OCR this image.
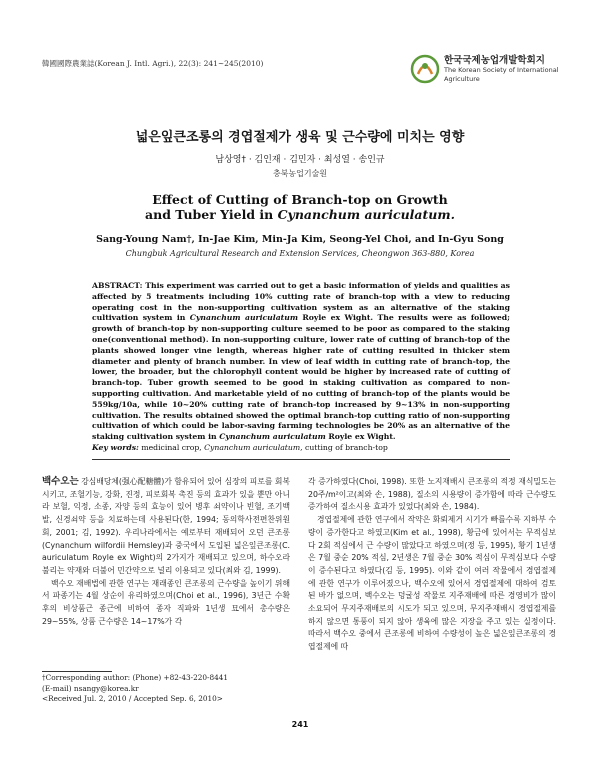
韓國國際農業誌(Korean J. Intl. Agri.), 22(3): 241~245(2010)	한국국제농업개발학회지
The Korean Society of International
Agriculture
넓은잎큰조롱의 경엽절제가 생육 및 근수량에 미치는 영향
남상영† · 김인재 · 김민자 · 최성열 · 송인규
충북농업기술원
Effect of Cutting of Branch-top on Growth
and Tuber Yield in Cynanchum auriculatum.
Sang-Young Nam†, In-Jae Kim, Min-Ja Kim, Seong-Yel Choi, and In-Gyu Song
Chungbuk Agricultural Research and Extension Services, Cheongwon 363-880, Korea
ABSTRACT: This experiment was carried out to get a basic information of yields and qualities as affected by 5 treatments including 10% cutting rate of branch-top with a view to reducing operating cost in the non-supporting cultivation system as an alternative of the staking cultivation system in Cynanchum auriculatum Royle ex Wight. The results were as followed; growth of branch-top by non-supporting culture seemed to be poor as compared to the staking one(conventional method). In non-supporting culture, lower rate of cutting of branch-top of the plants showed longer vine length, whereas higher rate of cutting resulted in thicker stem diameter and plenty of branch number. In view of leaf width in cutting rate of branch-top, the lower, the broader, but the chlorophyll content would be higher by increased rate of cutting of branch-top. Tuber growth seemed to be good in staking cultivation as compared to non-supporting cultivation. And marketable yield of no cutting of branch-top of the plants would be 559kg/10a, while 10~20% cutting rate of branch-top increased by 9~13% in non-supporting cultivation. The results obtained showed the optimal branch-top cutting ratio of non-supporting cultivation of which could be labor-saving farming technologies be 20% as an alternative of the staking cultivation system in Cynanchum auriculatum Royle ex Wight.
Key words: medicinal crop, Cynanchum auriculatum, cutting of branch-top

백수오는 강심배당체(强心配糖體)가 함유되어 있어 심장의 피로를 회복시키고, 조혈기능, 강화, 진정, 피로회복 촉진 등의 효과가 있을 뿐만 아니라 보혈, 익정, 소종, 자양 등의 효능이 있어 병후 쇠약이나 빈혈, 조기백발, 신경쇠약 등을 치료하는데 사용된다(한, 1994; 동의학사전편찬위원회, 2001; 김, 1992). 우리나라에서는 예로부터 재배되어 오던 큰조롱(Cynanchum wilfordii Hemsley)과 중국에서 도입된 넓은잎큰조롱(C. auriculatum Royle ex Wight)의 2가지가 재배되고 있으며, 하수오라 불리는 약재와 더불어 민간약으로 널리 이용되고 있다(최와 김, 1999).

백수오 재배법에 관한 연구는 재래종인 큰조롱의 근수량을 높이기 위해서 파종기는 4월 상순이 유리하였으며(Choi et al., 1996), 3년근 수확후의 비상품근 종근에 비하여 종자 직파와 1년생 묘에서 총수량은 29~55%, 상품 근수량은 14~17%가 각

각 증가하였다(Choi, 1998). 또한 노지재배시 큰조롱의 적정 재식밀도는 20주/m²이고(최와 손, 1988), 질소의 시용량이 증가함에 따라 근수량도 증가하여 질소시용 효과가 있었다(최와 손, 1984).

경엽절제에 관한 연구에서 작약은 화뢰제거 시기가 빠를수록 지하부 수량이 증가한다고 하였고(Kim et al., 1998), 황금에 있어서는 무적심보다 2회 적심에서 근 수량이 많았다고 하였으며(정 등, 1995), 황기 1년생은 7월 중순 20% 적심, 2년생은 7월 중순 30% 적심이 무적심보다 수량이 증수된다고 하였다(김 등, 1995). 이와 같이 여러 작물에서 경엽절제에 관한 연구가 이루어졌으나, 백수오에 있어서 경엽절제에 대하여 검토된 바가 없으며, 백수오는 덩굴성 작물로 지주재배에 따른 경영비가 많이 소요되어 무지주재배로의 시도가 되고 있으며, 무지주재배시 경엽절제를 하지 않으면 통풍이 되지 않아 생육에 많은 지장을 주고 있는 실정이다. 따라서 백수오 중에서 큰조롱에 비하여 수량성이 높은 넓은잎큰조롱의 경엽절제에 따

†Corresponding author: (Phone) +82-43-220-8441
(E-mail) nsangy@korea.kr
<Received Jul. 2, 2010 / Accepted Sep. 6, 2010>
241
